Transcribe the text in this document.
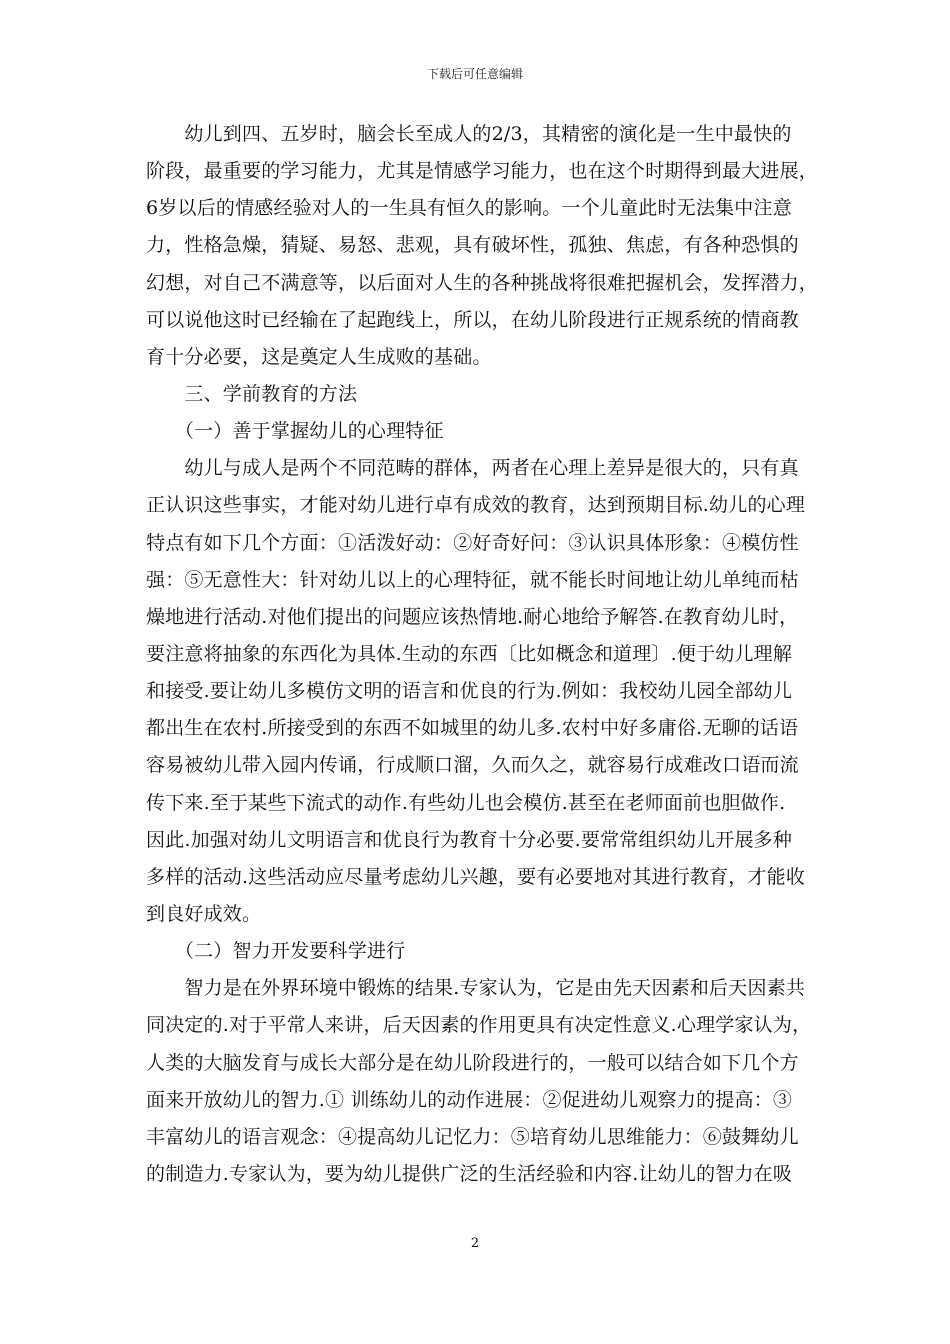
下载后可任意编辑
　　幼儿到四、五岁时，脑会长至成人的2/3，其精密的演化是一生中最快的
阶段，最重要的学习能力，尤其是情感学习能力，也在这个时期得到最大进展，
6岁以后的情感经验对人的一生具有恒久的影响。一个儿童此时无法集中注意
力，性格急燥，猜疑、易怒、悲观，具有破坏性，孤独、焦虑，有各种恐惧的
幻想，对自己不满意等，以后面对人生的各种挑战将很难把握机会，发挥潜力，
可以说他这时已经输在了起跑线上，所以，在幼儿阶段进行正规系统的情商教
育十分必要，这是奠定人生成败的基础。
　　三、学前教育的方法
　　（一）善于掌握幼儿的心理特征
　　幼儿与成人是两个不同范畴的群体，两者在心理上差异是很大的，只有真
正认识这些事实，才能对幼儿进行卓有成效的教育，达到预期目标.幼儿的心理
特点有如下几个方面：①活泼好动：②好奇好问：③认识具体形象：④模仿性
强：⑤无意性大：针对幼儿以上的心理特征，就不能长时间地让幼儿单纯而枯
燥地进行活动.对他们提出的问题应该热情地.耐心地给予解答.在教育幼儿时，
要注意将抽象的东西化为具体.生动的东西〔比如概念和道理〕.便于幼儿理解
和接受.要让幼儿多模仿文明的语言和优良的行为.例如：我校幼儿园全部幼儿
都出生在农村.所接受到的东西不如城里的幼儿多.农村中好多庸俗.无聊的话语
容易被幼儿带入园内传诵，行成顺口溜，久而久之，就容易行成难改口语而流
传下来.至于某些下流式的动作.有些幼儿也会模仿.甚至在老师面前也胆做作.
因此.加强对幼儿文明语言和优良行为教育十分必要.要常常组织幼儿开展多种
多样的活动.这些活动应尽量考虑幼儿兴趣，要有必要地对其进行教育，才能收
到良好成效。
　　（二）智力开发要科学进行
　　智力是在外界环境中锻炼的结果.专家认为，它是由先天因素和后天因素共
同决定的.对于平常人来讲，后天因素的作用更具有决定性意义.心理学家认为，
人类的大脑发育与成长大部分是在幼儿阶段进行的，一般可以结合如下几个方
面来开放幼儿的智力.① 训练幼儿的动作进展：②促进幼儿观察力的提高：③
丰富幼儿的语言观念：④提高幼儿记忆力：⑤培育幼儿思维能力：⑥鼓舞幼儿
的制造力.专家认为，要为幼儿提供广泛的生活经验和内容.让幼儿的智力在吸
2
